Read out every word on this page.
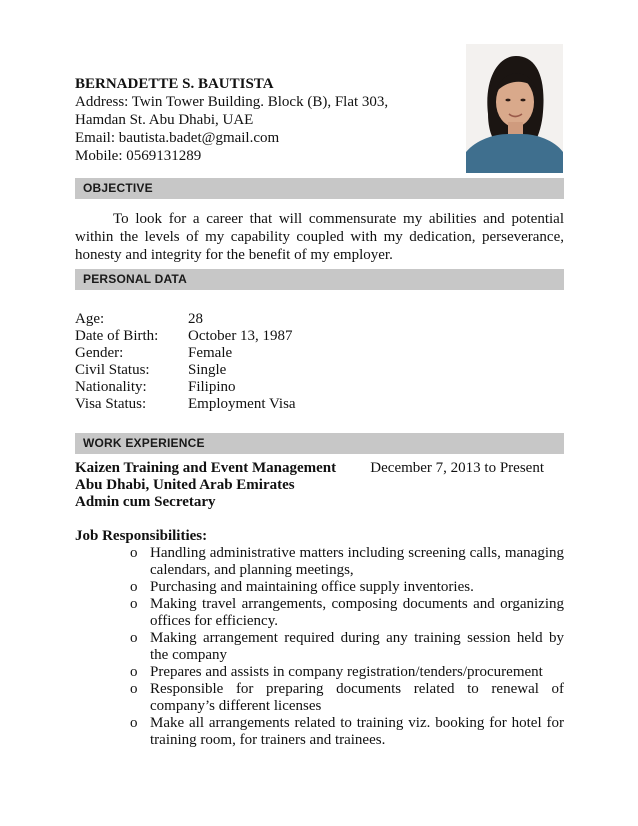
BERNADETTE S. BAUTISTA
Address: Twin Tower Building. Block (B), Flat 303,
Hamdan St. Abu Dhabi, UAE
Email: bautista.badet@gmail.com
Mobile: 0569131289
OBJECTIVE
To look for a career that will commensurate my abilities and potential within the levels of my capability coupled with my dedication, perseverance, honesty and integrity for the benefit of my employer.
PERSONAL DATA
Age:	28
Date of Birth:	October 13, 1987
Gender:	Female
Civil Status:	Single
Nationality:	Filipino
Visa Status:	Employment Visa
WORK EXPERIENCE
Kaizen Training and Event Management December 7, 2013 to Present
Abu Dhabi, United Arab Emirates
Admin cum Secretary
Job Responsibilities:
o Handling administrative matters including screening calls, managing calendars, and planning meetings,
o Purchasing and maintaining office supply inventories.
o Making travel arrangements, composing documents and organizing offices for efficiency.
o Making arrangement required during any training session held by the company
o Prepares and assists in company registration/tenders/procurement
o Responsible for preparing documents related to renewal of company’s different licenses
o Make all arrangements related to training viz. booking for hotel for training room, for trainers and trainees.
